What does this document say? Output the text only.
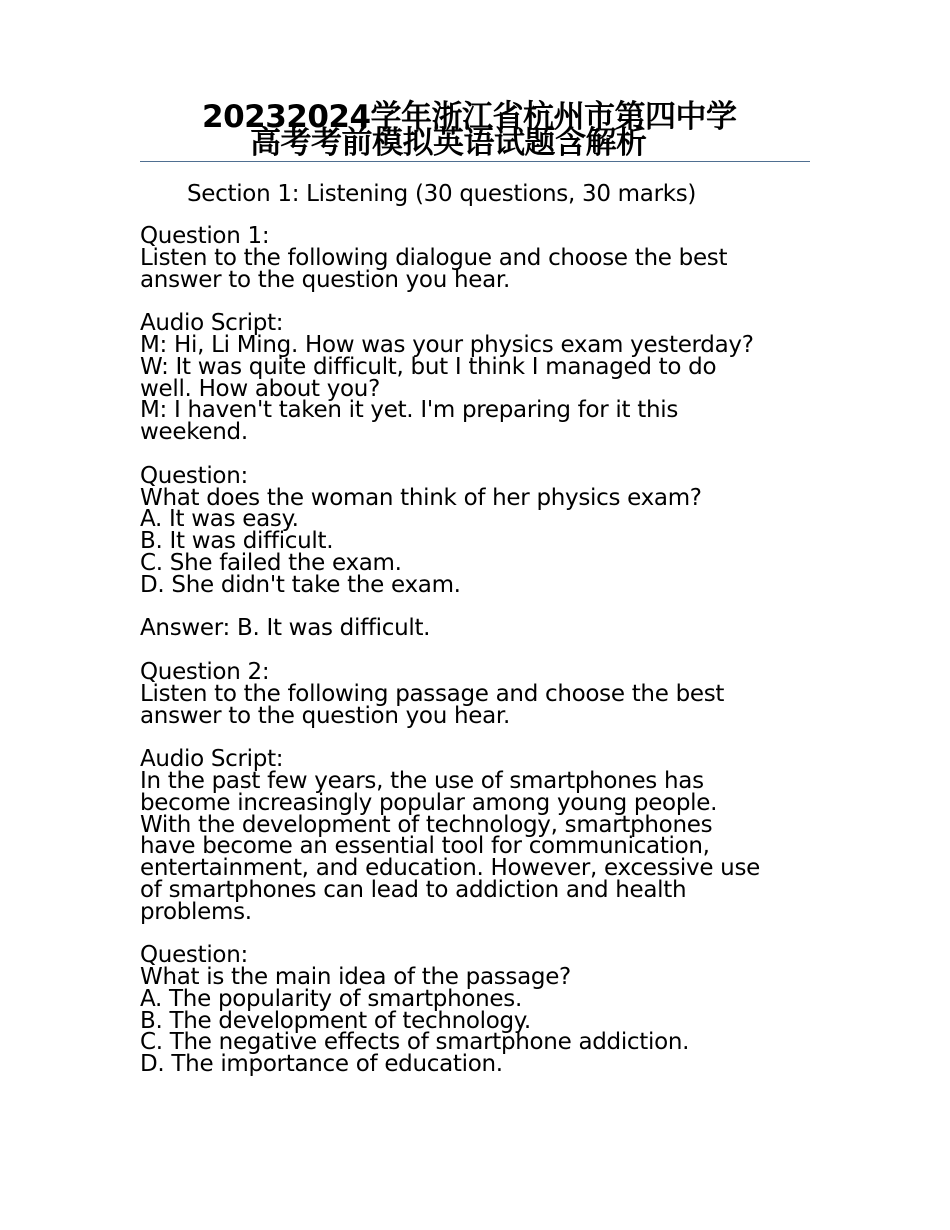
20232024学年浙江省杭州市第四中学
高考考前模拟英语试题含解析
Section 1: Listening (30 questions, 30 marks)

Question 1:

Listen to the following dialogue and choose the best

answer to the question you hear.

Audio Script:

M: Hi, Li Ming. How was your physics exam yesterday?

W: It was quite difficult, but I think I managed to do

well. How about you?

M: I haven't taken it yet. I'm preparing for it this

weekend.

Question:

What does the woman think of her physics exam?

A. It was easy.

B. It was difficult.

C. She failed the exam.

D. She didn't take the exam.

Answer: B. It was difficult.

Question 2:

Listen to the following passage and choose the best

answer to the question you hear.

Audio Script:

In the past few years, the use of smartphones has

become increasingly popular among young people.

With the development of technology, smartphones

have become an essential tool for communication,

entertainment, and education. However, excessive use

of smartphones can lead to addiction and health

problems.

Question:

What is the main idea of the passage?

A. The popularity of smartphones.

B. The development of technology.

C. The negative effects of smartphone addiction.

D. The importance of education.
